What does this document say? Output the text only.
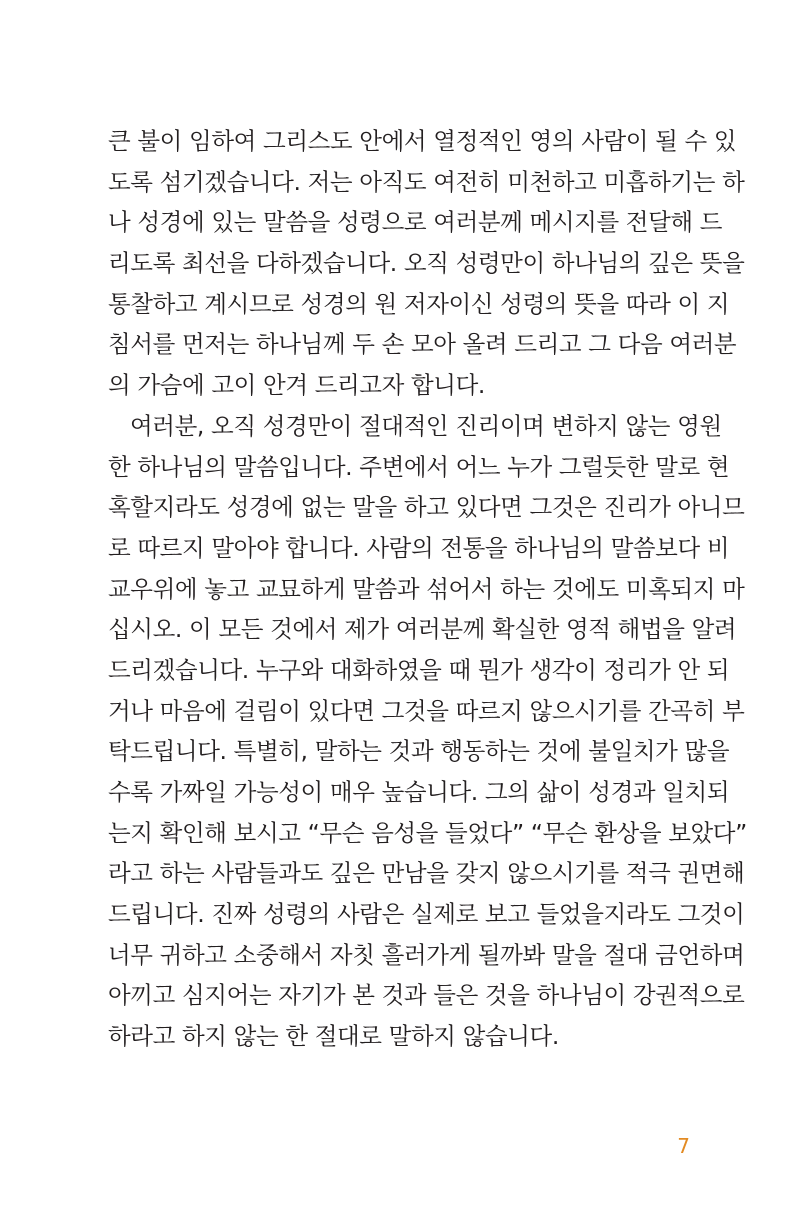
큰 불이 임하여 그리스도 안에서 열정적인 영의 사람이 될 수 있
도록 섬기겠습니다. 저는 아직도 여전히 미천하고 미흡하기는 하
나 성경에 있는 말씀을 성령으로 여러분께 메시지를 전달해 드
리도록 최선을 다하겠습니다. 오직 성령만이 하나님의 깊은 뜻을
통찰하고 계시므로 성경의 원 저자이신 성령의 뜻을 따라 이 지
침서를 먼저는 하나님께 두 손 모아 올려 드리고 그 다음 여러분
의 가슴에 고이 안겨 드리고자 합니다.
여러분, 오직 성경만이 절대적인 진리이며 변하지 않는 영원
한 하나님의 말씀입니다. 주변에서 어느 누가 그럴듯한 말로 현
혹할지라도 성경에 없는 말을 하고 있다면 그것은 진리가 아니므
로 따르지 말아야 합니다. 사람의 전통을 하나님의 말씀보다 비
교우위에 놓고 교묘하게 말씀과 섞어서 하는 것에도 미혹되지 마
십시오. 이 모든 것에서 제가 여러분께 확실한 영적 해법을 알려
드리겠습니다. 누구와 대화하였을 때 뭔가 생각이 정리가 안 되
거나 마음에 걸림이 있다면 그것을 따르지 않으시기를 간곡히 부
탁드립니다. 특별히, 말하는 것과 행동하는 것에 불일치가 많을
수록 가짜일 가능성이 매우 높습니다. 그의 삶이 성경과 일치되
는지 확인해 보시고 “무슨 음성을 들었다” “무슨 환상을 보았다”
라고 하는 사람들과도 깊은 만남을 갖지 않으시기를 적극 권면해
드립니다. 진짜 성령의 사람은 실제로 보고 들었을지라도 그것이
너무 귀하고 소중해서 자칫 흘러가게 될까봐 말을 절대 금언하며
아끼고 심지어는 자기가 본 것과 들은 것을 하나님이 강권적으로
하라고 하지 않는 한 절대로 말하지 않습니다.
7
